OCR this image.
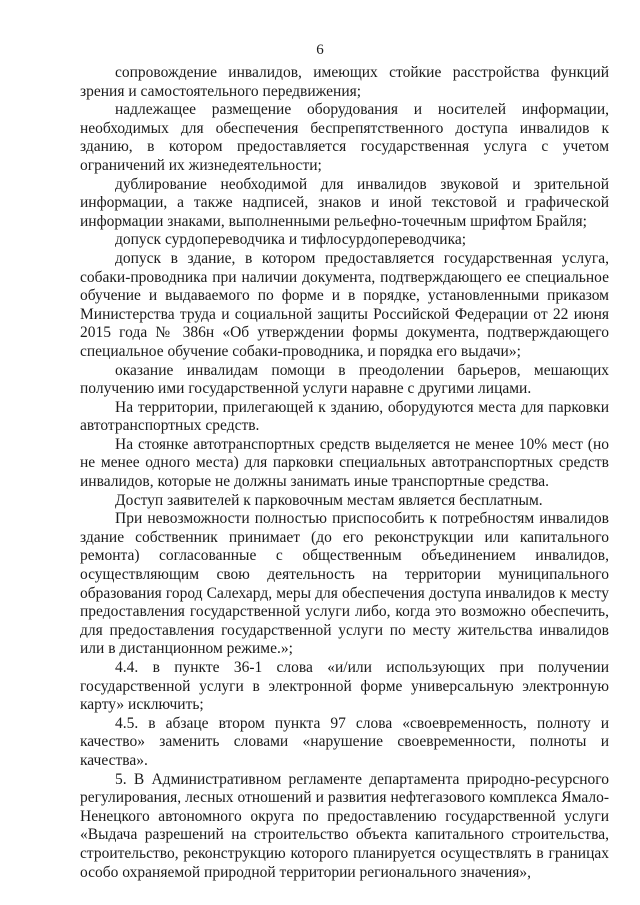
6

сопровождение инвалидов, имеющих стойкие расстройства функций зрения и самостоятельного передвижения;

надлежащее размещение оборудования и носителей информации, необходимых для обеспечения беспрепятственного доступа инвалидов к зданию, в котором предоставляется государственная услуга с учетом ограничений их жизнедеятельности;

дублирование необходимой для инвалидов звуковой и зрительной информации, а также надписей, знаков и иной текстовой и графической информации знаками, выполненными рельефно-точечным шрифтом Брайля;

допуск сурдопереводчика и тифлосурдопереводчика;

допуск в здание, в котором предоставляется государственная услуга, собаки-проводника при наличии документа, подтверждающего ее специальное обучение и выдаваемого по форме и в порядке, установленными приказом Министерства труда и социальной защиты Российской Федерации от 22 июня 2015 года № 386н «Об утверждении формы документа, подтверждающего специальное обучение собаки-проводника, и порядка его выдачи»;

оказание инвалидам помощи в преодолении барьеров, мешающих получению ими государственной услуги наравне с другими лицами.

На территории, прилегающей к зданию, оборудуются места для парковки автотранспортных средств.

На стоянке автотранспортных средств выделяется не менее 10% мест (но не менее одного места) для парковки специальных автотранспортных средств инвалидов, которые не должны занимать иные транспортные средства.

Доступ заявителей к парковочным местам является бесплатным.

При невозможности полностью приспособить к потребностям инвалидов здание собственник принимает (до его реконструкции или капитального ремонта) согласованные с общественным объединением инвалидов, осуществляющим свою деятельность на территории муниципального образования город Салехард, меры для обеспечения доступа инвалидов к месту предоставления государственной услуги либо, когда это возможно обеспечить, для предоставления государственной услуги по месту жительства инвалидов или в дистанционном режиме.»;

4.4. в пункте 36-1 слова «и/или использующих при получении государственной услуги в электронной форме универсальную электронную карту» исключить;

4.5. в абзаце втором пункта 97 слова «своевременность, полноту и качество» заменить словами «нарушение своевременности, полноты и качества».

5. В Административном регламенте департамента природно-ресурсного регулирования, лесных отношений и развития нефтегазового комплекса Ямало-Ненецкого автономного округа по предоставлению государственной услуги «Выдача разрешений на строительство объекта капитального строительства, строительство, реконструкцию которого планируется осуществлять в границах особо охраняемой природной территории регионального значения»,
